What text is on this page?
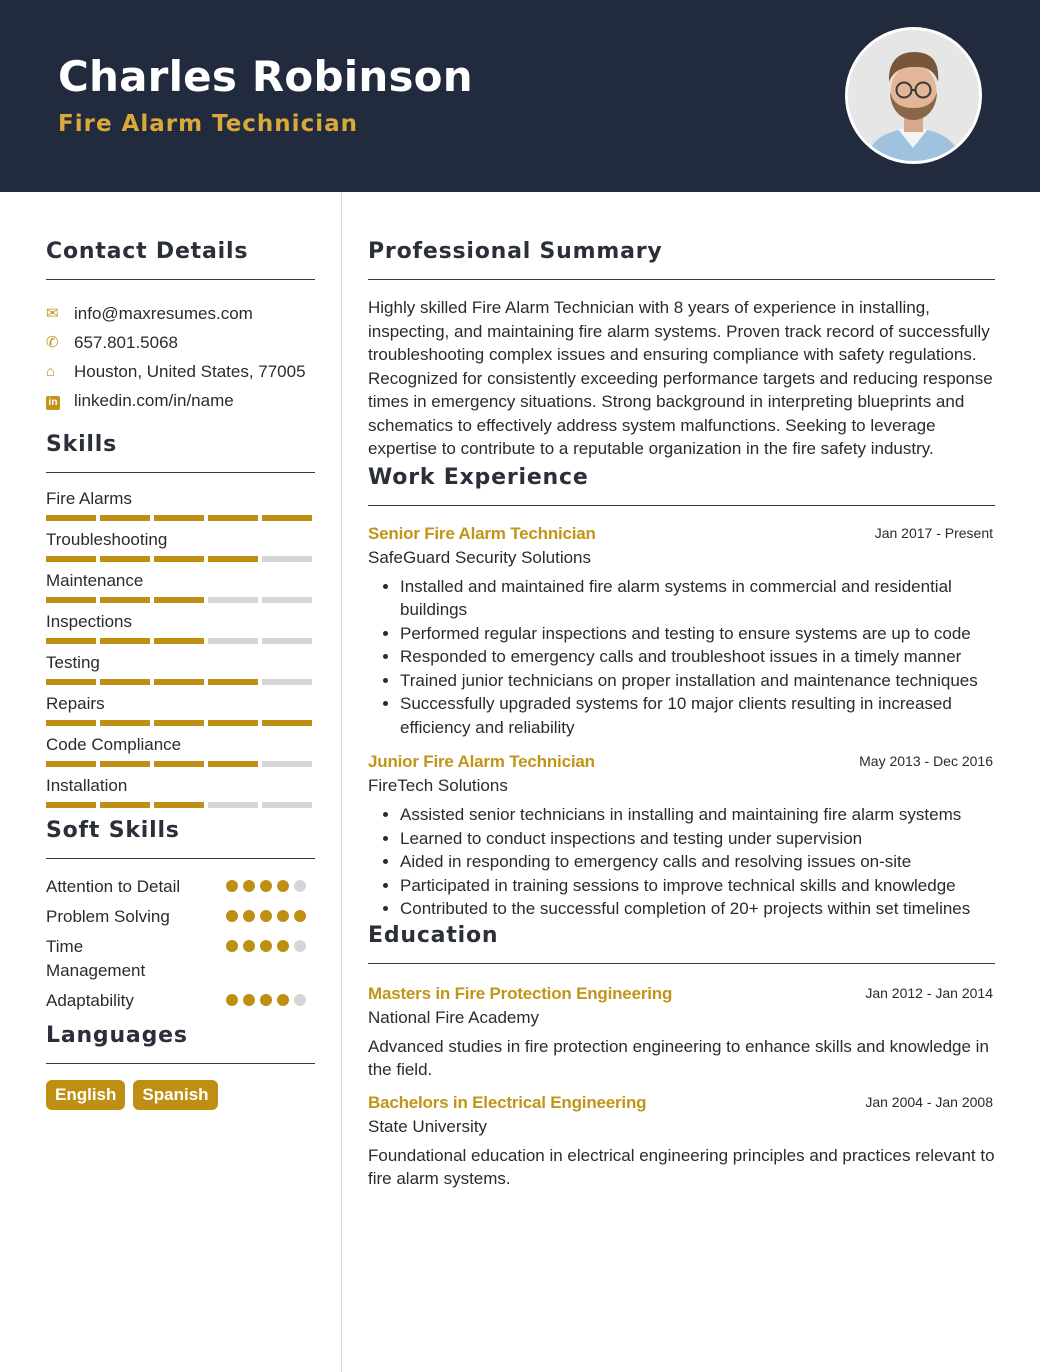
Charles Robinson
Fire Alarm Technician
Contact Details
✉ info@maxresumes.com
✆ 657.801.5068
⌂	Houston, United States, 77005
in linkedin.com/in/name
Skills
Fire Alarms
Troubleshooting
Maintenance
Inspections
Testing
Repairs
Code Compliance
Installation
Soft Skills
Attention to Detail
Problem Solving
Time Management
Adaptability
Languages
English	Spanish
Professional Summary

Highly skilled Fire Alarm Technician with 8 years of experience in installing, inspecting, and maintaining fire alarm systems. Proven track record of successfully troubleshooting complex issues and ensuring compliance with safety regulations. Recognized for consistently exceeding performance targets and reducing response times in emergency situations. Strong background in interpreting blueprints and schematics to effectively address system malfunctions. Seeking to leverage expertise to contribute to a reputable organization in the fire safety industry.

Work Experience
Senior Fire Alarm Technician	Jan 2017 - Present
SafeGuard Security Solutions
• Installed and maintained fire alarm systems in commercial and residential buildings
• Performed regular inspections and testing to ensure systems are up to code
• Responded to emergency calls and troubleshoot issues in a timely manner
• Trained junior technicians on proper installation and maintenance techniques
• Successfully upgraded systems for 10 major clients resulting in increased efficiency and reliability
Junior Fire Alarm Technician	May 2013 - Dec 2016
FireTech Solutions
• Assisted senior technicians in installing and maintaining fire alarm systems
• Learned to conduct inspections and testing under supervision
• Aided in responding to emergency calls and resolving issues on-site
• Participated in training sessions to improve technical skills and knowledge
• Contributed to the successful completion of 20+ projects within set timelines
Education
Masters in Fire Protection Engineering	Jan 2012 - Jan 2014
National Fire Academy

Advanced studies in fire protection engineering to enhance skills and knowledge in the field.

Bachelors in Electrical Engineering	Jan 2004 - Jan 2008
State University

Foundational education in electrical engineering principles and practices relevant to fire alarm systems.
